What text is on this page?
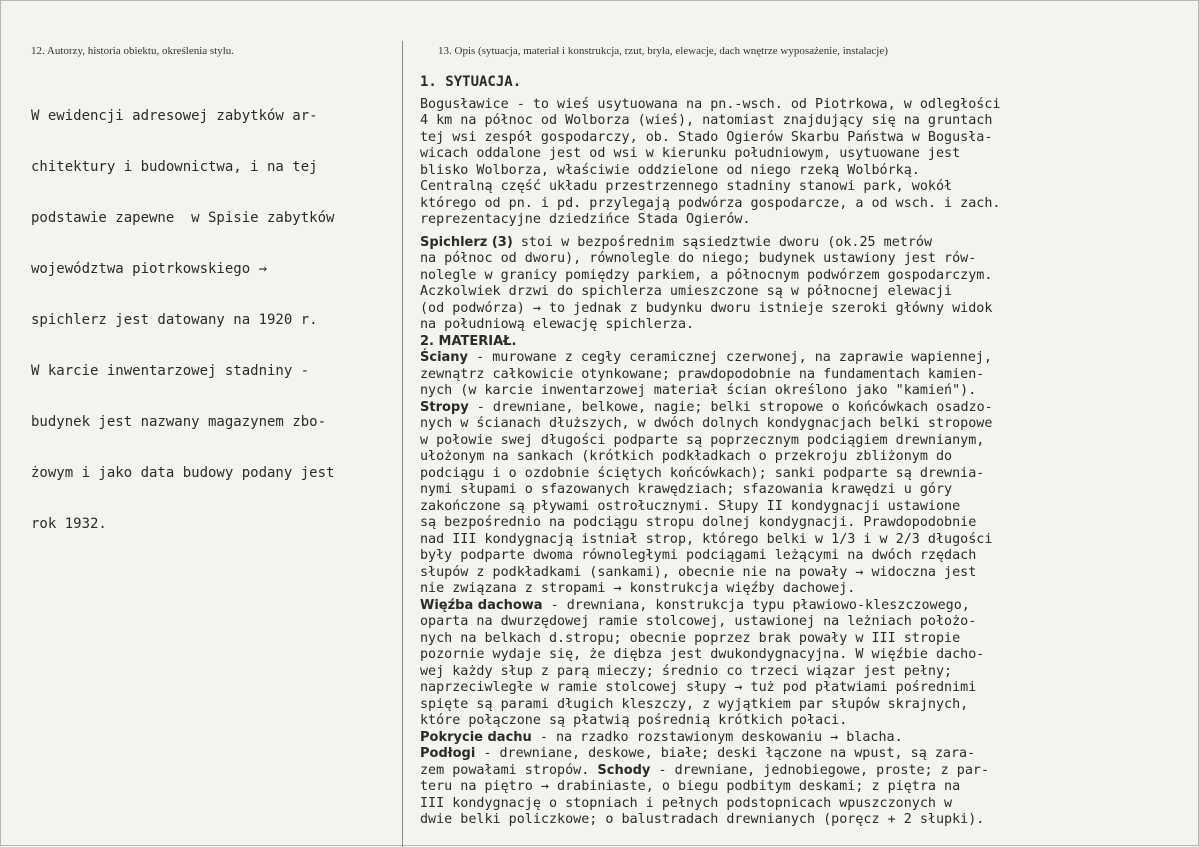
12. Autorzy, historia obiektu, określenia stylu.	13. Opis (sytuacja, materiał i konstrukcja, rzut, bryła, elewacje, dach wnętrze wyposażenie, instalacje)

W ewidencji adresowej zabytków ar-

chitektury i budownictwa, i na tej

podstawie zapewne  w Spisie zabytków

województwa piotrkowskiego →

spichlerz jest datowany na 1920 r.

W karcie inwentarzowej stadniny -

budynek jest nazwany magazynem zbo-

żowym i jako data budowy podany jest

rok 1932.

1. SYTUACJA.
Bogusławice - to wieś usytuowana na pn.-wsch. od Piotrkowa, w odległości
4 km na północ od Wolborza (wieś), natomiast znajdujący się na gruntach
tej wsi zespół gospodarczy, ob. Stado Ogierów Skarbu Państwa w Bogusła-
wicach oddalone jest od wsi w kierunku południowym, usytuowane jest
blisko Wolborza, właściwie oddzielone od niego rzeką Wolbórką.
Centralną część układu przestrzennego stadniny stanowi park, wokół
którego od pn. i pd. przylegają podwórza gospodarcze, a od wsch. i zach.
reprezentacyjne dziedzińce Stada Ogierów.
Spichlerz (3) stoi w bezpośrednim sąsiedztwie dworu (ok.25 metrów
na północ od dworu), równolegle do niego; budynek ustawiony jest rów-
nolegle w granicy pomiędzy parkiem, a północnym podwórzem gospodarczym.
Aczkolwiek drzwi do spichlerza umieszczone są w północnej elewacji
(od podwórza) → to jednak z budynku dworu istnieje szeroki główny widok
na południową elewację spichlerza.
2. MATERIAŁ.
Ściany - murowane z cegły ceramicznej czerwonej, na zaprawie wapiennej,
zewnątrz całkowicie otynkowane; prawdopodobnie na fundamentach kamien-
nych (w karcie inwentarzowej materiał ścian określono jako "kamień").
Stropy - drewniane, belkowe, nagie; belki stropowe o końcówkach osadzo-
nych w ścianach dłuższych, w dwóch dolnych kondygnacjach belki stropowe
w połowie swej długości podparte są poprzecznym podciągiem drewnianym,
ułożonym na sankach (krótkich podkładkach o przekroju zbliżonym do
podciągu i o ozdobnie ściętych końcówkach); sanki podparte są drewnia-
nymi słupami o sfazowanych krawędziach; sfazowania krawędzi u góry
zakończone są pływami ostrołucznymi. Słupy II kondygnacji ustawione
są bezpośrednio na podciągu stropu dolnej kondygnacji. Prawdopodobnie
nad III kondygnacją istniał strop, którego belki w 1/3 i w 2/3 długości
były podparte dwoma równoległymi podciągami leżącymi na dwóch rzędach
słupów z podkładkami (sankami), obecnie nie na powały → widoczna jest
nie związana z stropami → konstrukcja więźby dachowej.
Więźba dachowa - drewniana, konstrukcja typu pławiowo-kleszczowego,
oparta na dwurzędowej ramie stolcowej, ustawionej na leżniach położo-
nych na belkach d.stropu; obecnie poprzez brak powały w III stropie
pozornie wydaje się, że diębza jest dwukondygnacyjna. W więźbie dacho-
wej każdy słup z parą mieczy; średnio co trzeci wiązar jest pełny;
naprzeciwległe w ramie stolcowej słupy → tuż pod płatwiami pośrednimi
spięte są parami długich kleszczy, z wyjątkiem par słupów skrajnych,
które połączone są płatwią pośrednią krótkich połaci.
Pokrycie dachu - na rzadko rozstawionym deskowaniu → blacha.
Podłogi - drewniane, deskowe, białe; deski łączone na wpust, są zara-
zem powałami stropów. Schody - drewniane, jednobiegowe, proste; z par-
teru na piętro → drabiniaste, o biegu podbitym deskami; z piętra na
III kondygnację o stopniach i pełnych podstopnicach wpuszczonych w
dwie belki policzkowe; o balustradach drewnianych (poręcz + 2 słupki).
